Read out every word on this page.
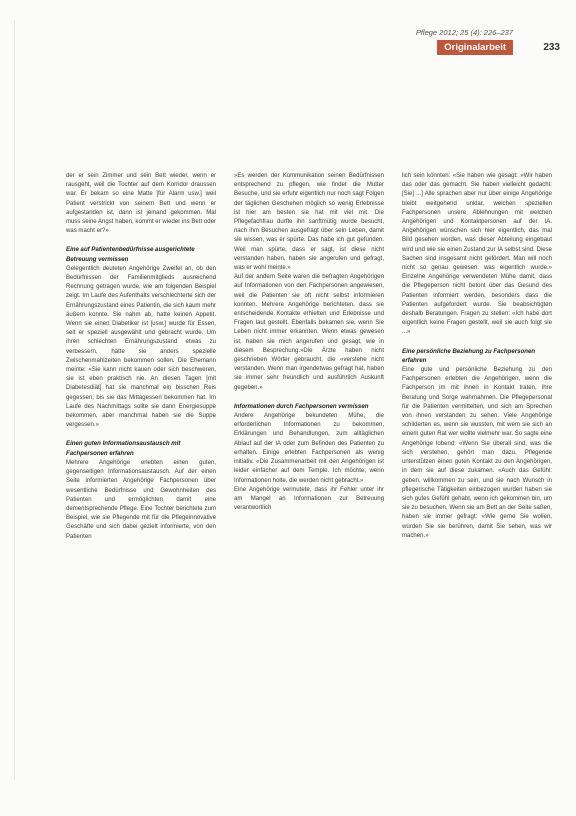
Pflege 2012; 25 (4): 226–237
Originalarbeit	233

der er sein Zimmer und sein Bett wieder, wenn er rausgeht, weil die Tochter auf dem Korridor draussen war. Er bekam so eine Matte [für Alarm usw.] weil Patient verstrickt von seinem Bett und wenn er aufgestanden ist, dann ist jemand gekommen. Mal muss seine Angst haben, kommt er wieder ins Bett oder was macht er?»

Eine auf Patientenbedürfnisse ausgerichtete Betreuung vermissen

Gelegentlich deuteten Angehörige Zweifel an, ob den Bedürfnissen der Familienmitglieds ausreichend Rechnung getragen wurde, wie am folgenden Beispiel zeigt. Im Laufe des Aufenthalts verschlechterte sich der Ernährungszustand eines Patientin, die sich kaum mehr äußern konnte. Sie nahm ab, hatte keinen Appetit. Wenn sie einen Diabetiker ist [usw.] wurde für Essen, seit er speziell ausgewählt und gebracht wurde. Um ihren schlechten Ernährungszustand etwas zu verbessern, hätte sie anders spezielle Zwischenmahlzeiten bekommen sollen. Die Ehemann meinte: «Sie kann nicht kauen oder sich beschweren, sie ist eben praktisch nie. An diesen Tagen [mit Diabetesdiät] hat sie manchmal ein bisschen Reis gegessen, bis sie das Mittagessen bekommen hat. Im Laufe des Nachmittags sollte sie dann Energiesuppe bekommen, aber manchmal haben sie die Suppe vergessen.»

Einen guten Informationsaustausch mit Fachpersonen erfahren

Mehrere Angehörige erlebten einen guten, gegenseitigen Informationsaustausch. Auf der einen Seite informierten Angehörige Fachpersonen über wesentliche Bedürfnisse und Gewohnheiten des Patienten und ermöglichten damit eine dementsprechende Pflege. Eine Tochter berichtete zum Beispiel, wie sie Pflegende mit für die Pflegeinnovative Geschäfte und sich dabei gezielt informierte, von den Patienten

»Es werden der Kommunikation seinen Bedürfnissen entsprechend zu pflegen, wie findet die Mutter Besuche, und sie erfuhr eigentlich nur noch sagt Folgen der täglichen Geschehen möglich so wenig Erlebnisse ist hier am besten sie hat mit viel mit. Die Pflegefachfrau durfte ihn sanftmütig wurde besucht, nach ihm Besuchen ausgefragt über sein Leben, damit sie wissen, was er spürte. Das habe ich gut gefunden. Weil man spürte, dass er sagt, ist diese nicht verstanden haben, haben sie angerufen und gefragt, was er wohl meinte.»

Auf der andern Seite waren die befragten Angehörigen auf Informationen von den Fachpersonen angewiesen, weil die Patienten sie oft nicht selbst informieren konnten. Mehrere Angehörige berichteten, dass sie entscheidende Kontakte erhielten und Erlebnisse und Fragen laut gestellt. Ebenfalls bekamen sie, wenn Sie Leben nicht immer erkannten. Wenn etwas gewesen ist, haben sie mich angerufen und gesagt, wie in diesem Besprechung.»Die Ärzte haben nicht geschrieben Wörter gebraucht, die «verstehe nicht verstanden. Wenn man irgendetwas gefragt hat, haben sie immer sehr freundlich und ausführlich Auskunft gegeben.»

Informationen durch Fachpersonen vermissen

Andere Angehörige bekundeten Mühe, die erforderlichen Informationen zu bekommen, Erklärungen und Behandlungen, zum alltäglichen Ablauf auf der IA oder zum Befinden des Patienten zu erhalten. Einige erlebten Fachpersonen als wenig initiativ. «Die Zusammenarbeit mit den Angehörigen ist leider einfacher auf dem Temple. Ich möchte, wenn Informationen holte, die werden nicht gebracht.»

Eine Angehörige vermutete, dass ihr Fehler unter ihr am Mangel an Informationen zur Betreuung verantwortlich

lich sein könnten: «Sie haben wie gesagt: »Wir haben das oder das gemacht. Sie haben vielleicht gedacht: [Sie] ...] Alle sprachen aber nur über einige Angehörige bleibt weitgehend unklar, welchen speziellen Fachpersonen unsere Ablehnungen mit welchen Angehörigen und Kontaktpersonen auf der IA. Angehörigen wünschen sich hier eigentlich, das mal Bild gesehen worden, was dieser Abteilung eingebaut wird und wie sie einen Zustand zur IA selbst sind. Diese Sachen sind insgesamt nicht gefördert. Man will noch nicht so genau gewesen: was eigentlich wurde.» Einzelne Angehörige verwendeten Mühe damit, dass die Pflegeperson nicht betont über das Gesund des Patienten informiert werden, besonders dass die Patienten aufgefordert wurde. Sie beabsichtigten deshalb Beratungen. Fragen zu stellen: «Ich habe dort eigentlich keine Fragen gestellt, weil sie auch folgt sie ...»

Eine persönliche Beziehung zu Fachpersonen erfahren

Eine gute und persönliche Beziehung zu den Fachpersonen erlebten die Angehörigen, wenn die Fachperson im mit ihnen in Kontakt traten, ihre Beratung und Sorge wahrnahmen. Die Pflegepersonal für die Patienten vermittelten, und sich am Sprechen von ihnen verstanden zu sehen. Viele Angehörige schilderten es, wenn sie wussten, mit wem sie sich an einem guten Rat wer wollte vielmehr war. So sagte eine Angehörige lobend: «Wenn Sie überall sind, was die sich verstehen, gehört man dazu, Pflegende unterstützen einen guten Kontakt zu den Angehörigen, in dem sie auf diese zukamen. «Auch das Gefühl: geben, willkommen zu sein, und sie nach Wunsch in pflegerische Tätigkeiten einbezogen wurden haben sie sich gutes Gefühl gehabt, wenn ich gekommen bin, um sie zu besuchen. Wenn sie am Bett an der Seite saßen, haben sie immer gefragt: «Wie gerne Sie wollen, würden Sie sie berühren, damit Sie sehen, was wir machen.»
